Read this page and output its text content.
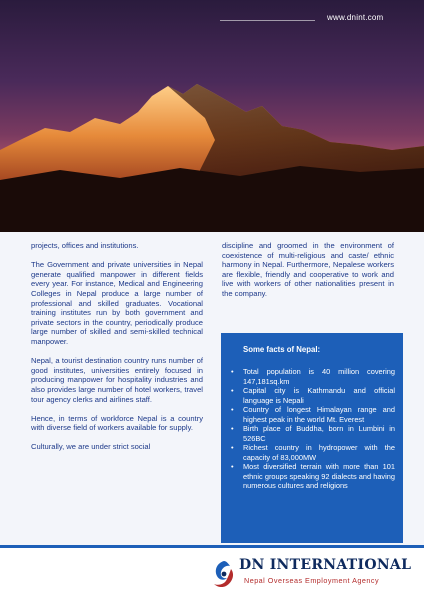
www.dnint.com

projects, offices and institutions.

The Government and private universities in Nepal generate qualified manpower in different fields every year. For instance, Medical and Engineering Colleges in Nepal produce a large number of professional and skilled graduates. Vocational training institutes run by both government and private sectors in the country, periodically produce large number of skilled and semi-skilled technical manpower.

Nepal, a tourist destination country runs number of good institutes, universities entirely focused in producing manpower for hospitality industries and also provides large number of hotel workers, travel tour agency clerks and airlines staff.

Hence, in terms of workforce Nepal is a country with diverse field of workers available for supply.

Culturally, we are under strict social

discipline and groomed in the environment of coexistence of multi-religious and caste/ ethnic harmony in Nepal. Furthermore, Nepalese workers are flexible, friendly and cooperative to work and live with workers of other nationalities present in the company.

Some facts of Nepal:
• Total population is 40 million covering 147,181sq.km
• Capital city is Kathmandu and official language is Nepali
• Country of longest Himalayan range and highest peak in the world Mt. Everest
• Birth place of Buddha, born in Lumbini in 526BC
• Richest country in hydropower with the capacity of 83,000MW
• Most diversified terrain with more than 101 ethnic groups speaking 92 dialects and having numerous cultures and religions
DN INTERNATIONAL
Nepal Overseas Employment Agency
